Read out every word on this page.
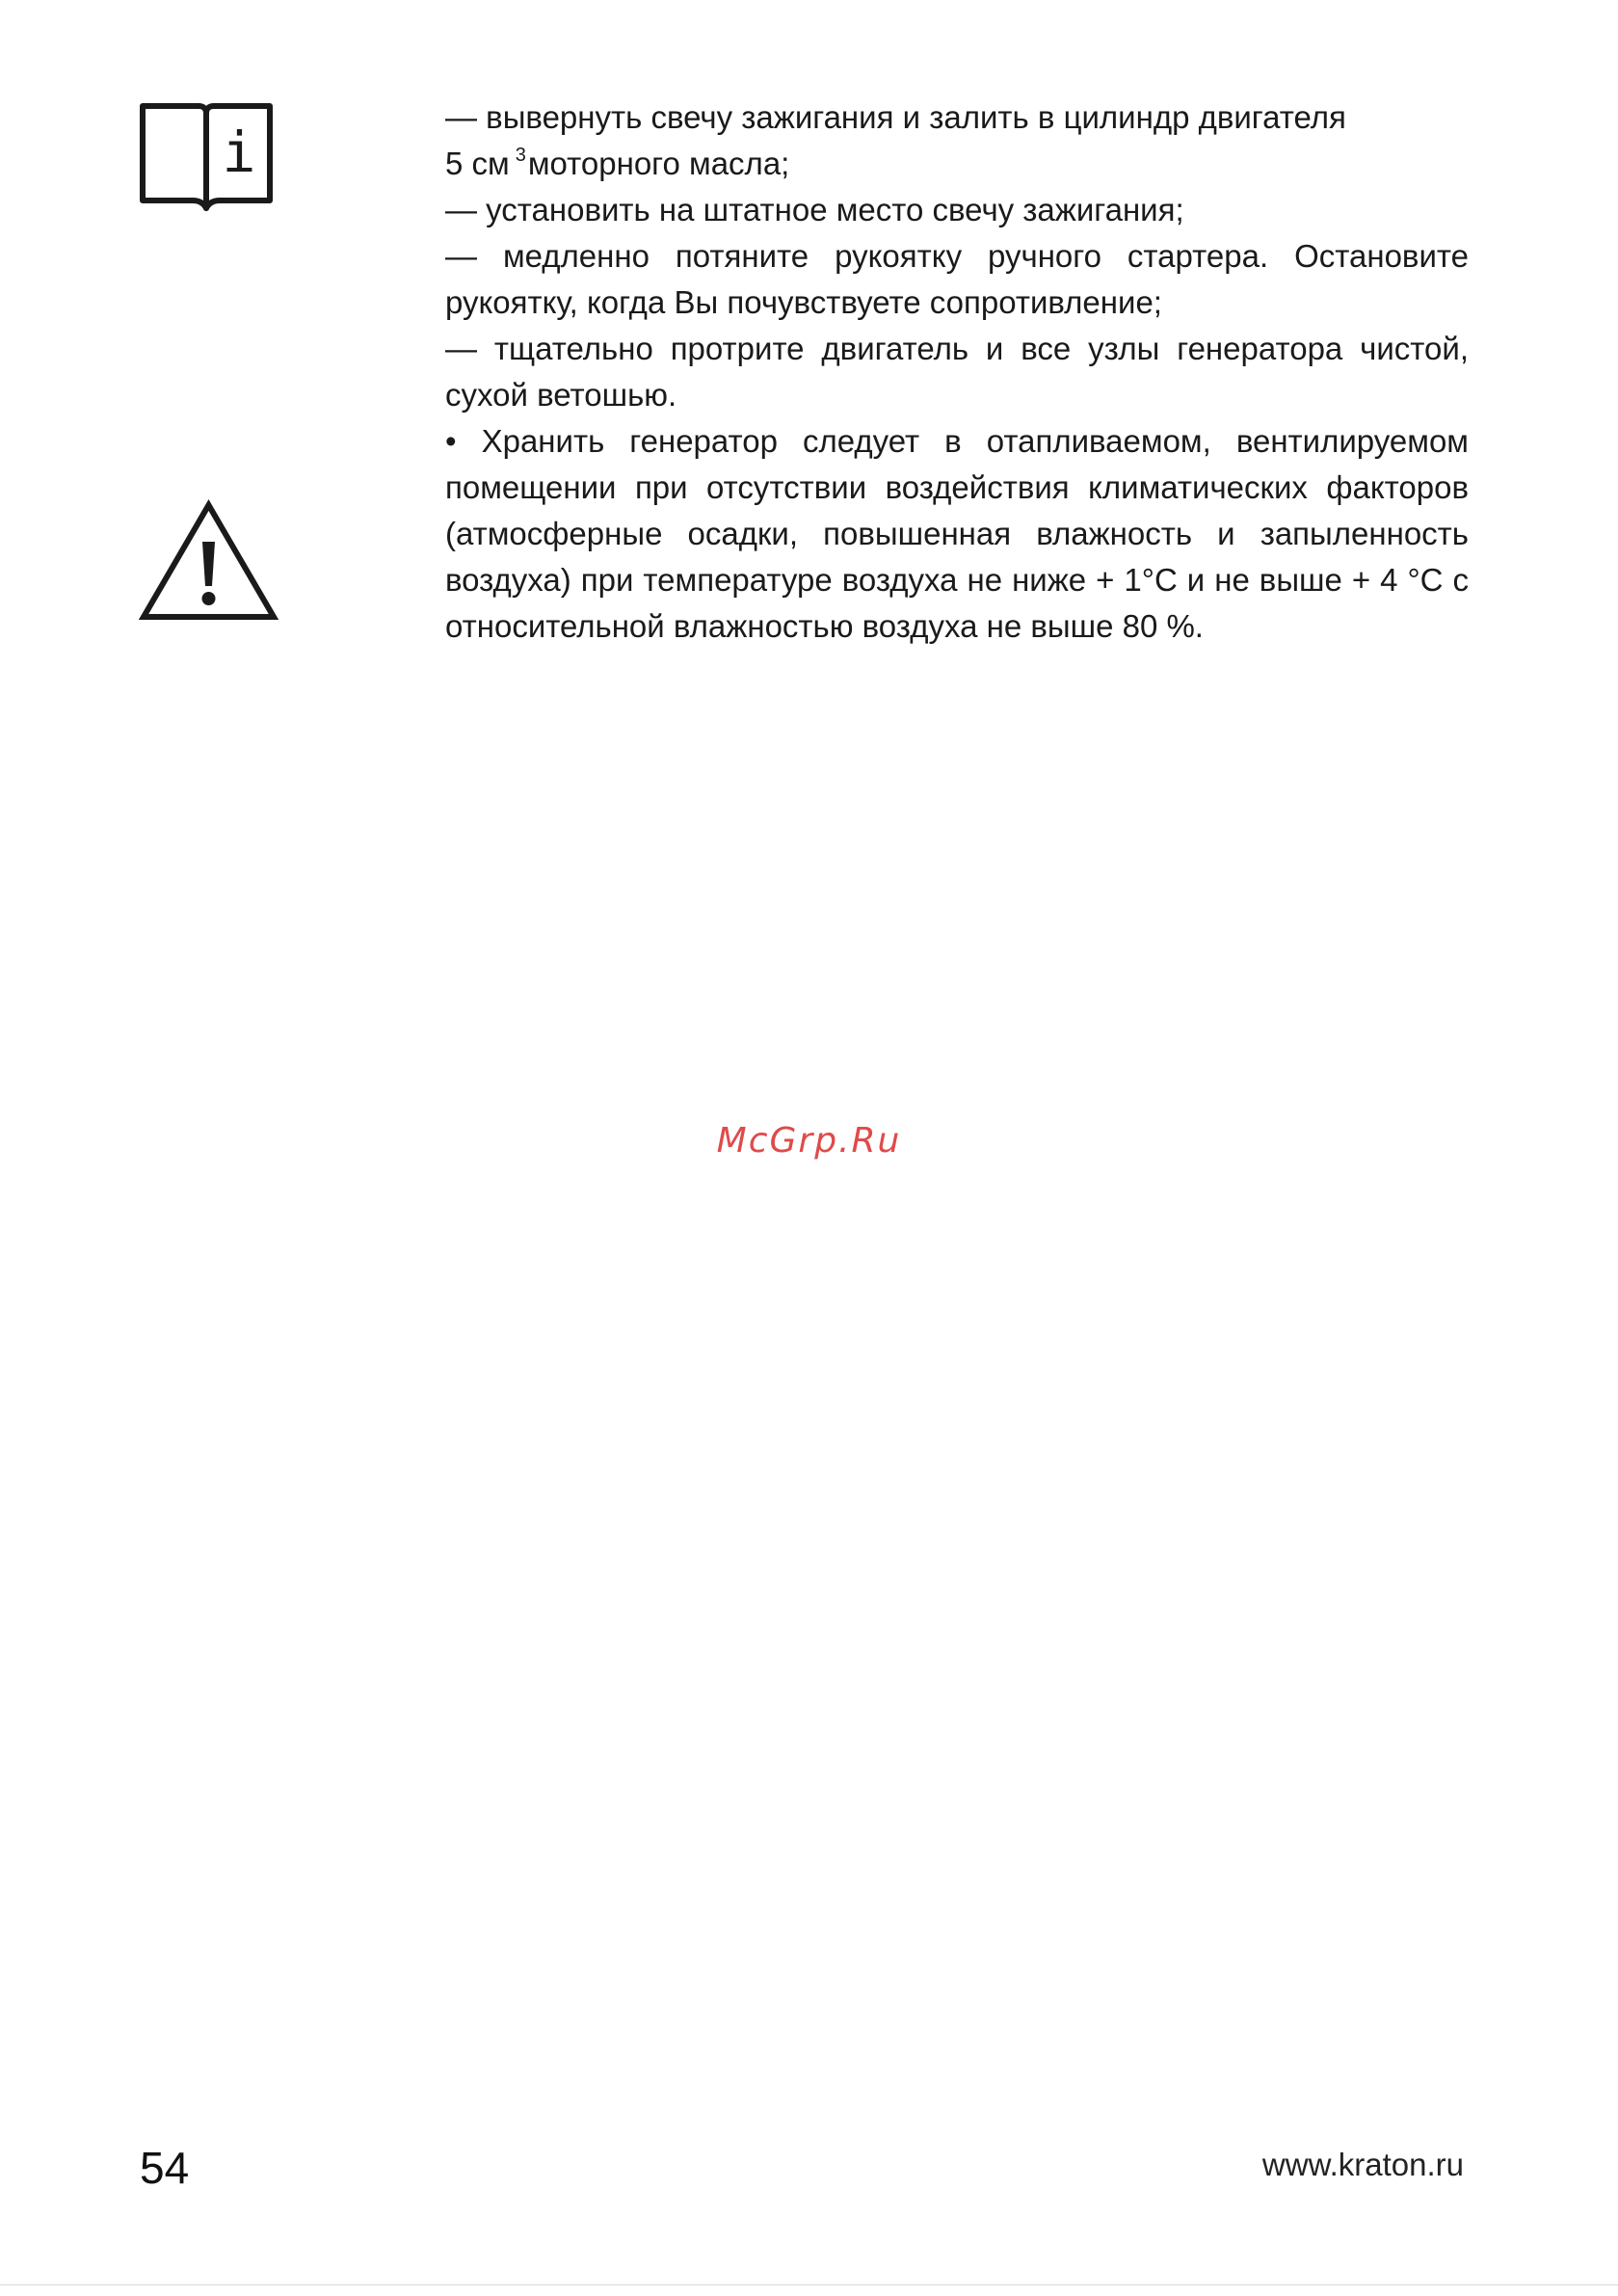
i

— вывернуть свечу зажигания и залить в цилиндр двигателя

5 см $^3$моторного масла;

— установить на штатное место свечу зажигания;

— медленно потяните рукоятку ручного стартера. Остановите рукоятку, когда Вы почувствуете сопротивление;

— тщательно протрите двигатель и все узлы генератора чистой, сухой ветошью.

• Хранить генератор следует в отапливаемом, вентилируемом помещении при отсутствии воздействия климатических факторов (атмосферные осадки, повышенная влажность и запыленность воздуха) при температуре воздуха не ниже + 1°С и не выше + 4 °С с относительной влажностью воздуха не выше 80 %.

McGrp.Ru
54	www.kraton.ru
